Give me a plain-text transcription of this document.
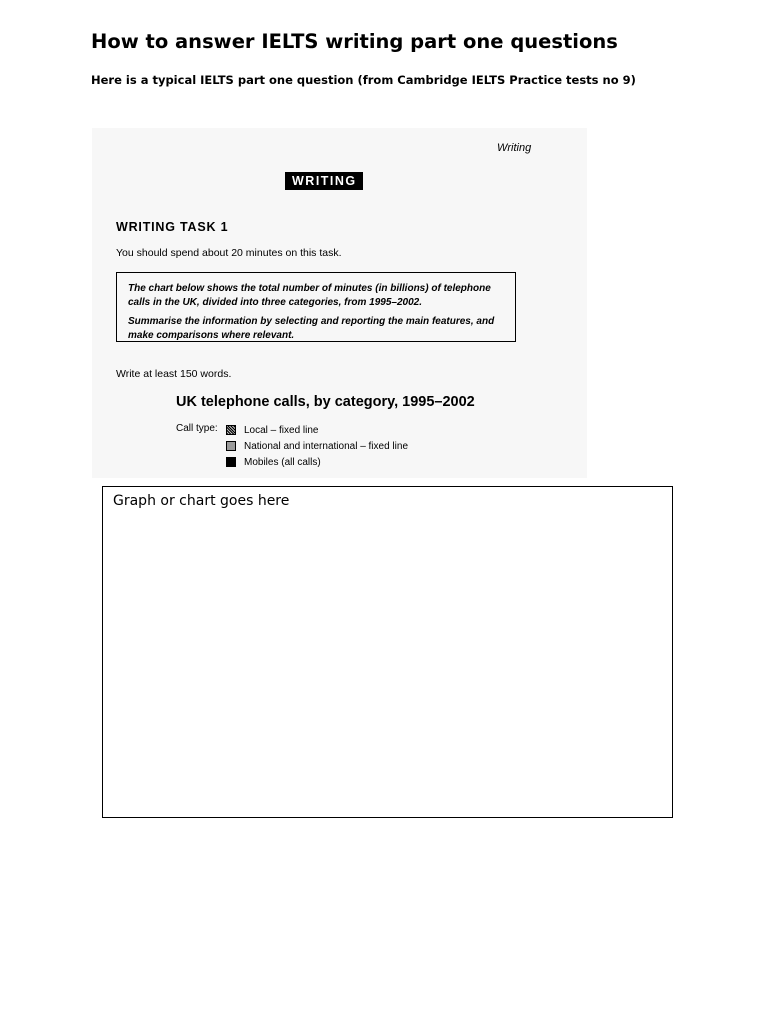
How to answer IELTS writing part one questions

Here is a typical IELTS part one question (from Cambridge IELTS Practice tests no 9)

Writing
WRITING
WRITING TASK 1
You should spend about 20 minutes on this task.

The chart below shows the total number of minutes (in billions) of telephone calls in the UK, divided into three categories, from 1995–2002.

Summarise the information by selecting and reporting the main features, and make comparisons where relevant.

Write at least 150 words.
UK telephone calls, by category, 1995–2002
Call type:	Local – fixed line
National and international – fixed line
Mobiles (all calls)
Graph or chart goes here
